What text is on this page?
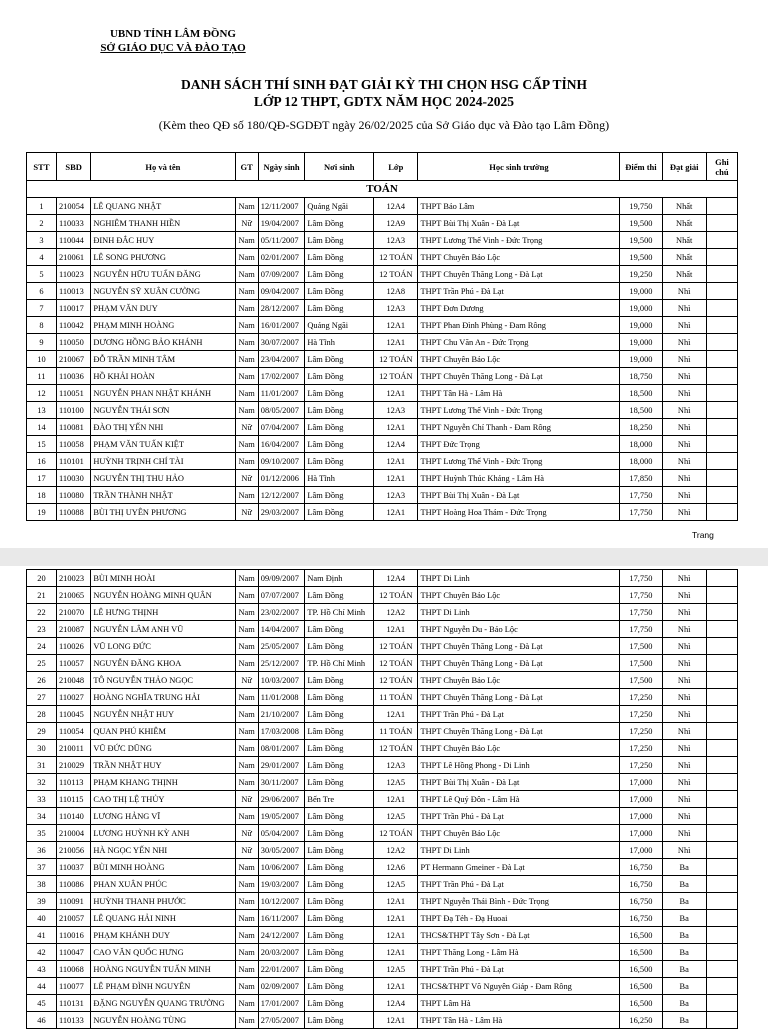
UBND TỈNH LÂM ĐỒNG
SỞ GIÁO DỤC VÀ ĐÀO TẠO
DANH SÁCH THÍ SINH ĐẠT GIẢI KỲ THI CHỌN HSG CẤP TỈNH
LỚP 12 THPT, GDTX NĂM HỌC 2024-2025
(Kèm theo QĐ số 180/QĐ-SGDĐT ngày 26/02/2025 của Sở Giáo dục và Đào tạo Lâm Đồng)
STT	SBD	Họ và tên	GT	Ngày sinh	Nơi sinh	Lớp	Học sinh trường	Điểm thi	Đạt giải	Ghi chú
TOÁN										
1	210054	LÊ QUANG NHẬT	Nam	12/11/2007	Quảng Ngãi	12A4	THPT Bảo Lâm	19,750	Nhất	
2	110033	NGHIÊM THANH HIỀN	Nữ	19/04/2007	Lâm Đồng	12A9	THPT Bùi Thị Xuân - Đà Lạt	19,500	Nhất	
3	110044	ĐINH ĐẮC HUY	Nam	05/11/2007	Lâm Đồng	12A3	THPT Lương Thế Vinh - Đức Trọng	19,500	Nhất	
4	210061	LÊ SONG PHƯƠNG	Nam	02/01/2007	Lâm Đồng	12 TOÁN	THPT Chuyên Bảo Lộc	19,500	Nhất	
5	110023	NGUYỄN HỮU TUẤN ĐĂNG	Nam	07/09/2007	Lâm Đồng	12 TOÁN	THPT Chuyên Thăng Long - Đà Lạt	19,250	Nhất	
6	110013	NGUYỄN SỸ XUÂN CƯỜNG	Nam	09/04/2007	Lâm Đồng	12A8	THPT Trần Phú - Đà Lạt	19,000	Nhì	
7	110017	PHẠM VĂN DUY	Nam	28/12/2007	Lâm Đồng	12A3	THPT Đơn Dương	19,000	Nhì	
8	110042	PHẠM MINH HOÀNG	Nam	16/01/2007	Quảng Ngãi	12A1	THPT Phan Đình Phùng - Đam Rông	19,000	Nhì	
9	110050	DƯƠNG HỒNG BẢO KHÁNH	Nam	30/07/2007	Hà Tĩnh	12A1	THPT Chu Văn An - Đức Trọng	19,000	Nhì	
10	210067	ĐỖ TRẦN MINH TÂM	Nam	23/04/2007	Lâm Đồng	12 TOÁN	THPT Chuyên Bảo Lộc	19,000	Nhì	
11	110036	HỒ KHẢI HOÀN	Nam	17/02/2007	Lâm Đồng	12 TOÁN	THPT Chuyên Thăng Long - Đà Lạt	18,750	Nhì	
12	110051	NGUYỄN PHAN NHẬT KHÁNH	Nam	11/01/2007	Lâm Đồng	12A1	THPT Tân Hà - Lâm Hà	18,500	Nhì	
13	110100	NGUYỄN THÁI SƠN	Nam	08/05/2007	Lâm Đồng	12A3	THPT Lương Thế Vinh - Đức Trọng	18,500	Nhì	
14	110081	ĐÀO THỊ YẾN NHI	Nữ	07/04/2007	Lâm Đồng	12A1	THPT Nguyễn Chí Thanh - Đam Rông	18,250	Nhì	
15	110058	PHẠM VĂN TUẤN KIỆT	Nam	16/04/2007	Lâm Đồng	12A4	THPT Đức Trọng	18,000	Nhì	
16	110101	HUỲNH TRỊNH CHÍ TÀI	Nam	09/10/2007	Lâm Đồng	12A1	THPT Lương Thế Vinh - Đức Trọng	18,000	Nhì	
17	110030	NGUYỄN THỊ THU HẢO	Nữ	01/12/2006	Hà Tĩnh	12A1	THPT Huỳnh Thúc Kháng - Lâm Hà	17,850	Nhì	
18	110080	TRẦN THÀNH NHẬT	Nam	12/12/2007	Lâm Đồng	12A3	THPT Bùi Thị Xuân - Đà Lạt	17,750	Nhì	
19	110088	BÙI THỊ UYÊN PHƯƠNG	Nữ	29/03/2007	Lâm Đồng	12A1	THPT Hoàng Hoa Thám - Đức Trọng	17,750	Nhì	
Trang
20	210023	BÙI MINH HOÀI	Nam	09/09/2007	Nam Định	12A4	THPT Di Linh	17,750	Nhì	
21	210065	NGUYỄN HOÀNG MINH QUÂN	Nam	07/07/2007	Lâm Đồng	12 TOÁN	THPT Chuyên Bảo Lộc	17,750	Nhì	
22	210070	LÊ HƯNG THỊNH	Nam	23/02/2007	TP. Hồ Chí Minh	12A2	THPT Di Linh	17,750	Nhì	
23	210087	NGUYỄN LÂM ANH VŨ	Nam	14/04/2007	Lâm Đồng	12A1	THPT Nguyễn Du - Bảo Lộc	17,750	Nhì	
24	110026	VŨ LONG ĐỨC	Nam	25/05/2007	Lâm Đồng	12 TOÁN	THPT Chuyên Thăng Long - Đà Lạt	17,500	Nhì	
25	110057	NGUYỄN ĐĂNG KHOA	Nam	25/12/2007	TP. Hồ Chí Minh	12 TOÁN	THPT Chuyên Thăng Long - Đà Lạt	17,500	Nhì	
26	210048	TÔ NGUYỄN THẢO NGỌC	Nữ	10/03/2007	Lâm Đồng	12 TOÁN	THPT Chuyên Bảo Lộc	17,500	Nhì	
27	110027	HOÀNG NGHĨA TRUNG HẢI	Nam	11/01/2008	Lâm Đồng	11 TOÁN	THPT Chuyên Thăng Long - Đà Lạt	17,250	Nhì	
28	110045	NGUYỄN NHẬT HUY	Nam	21/10/2007	Lâm Đồng	12A1	THPT Trần Phú - Đà Lạt	17,250	Nhì	
29	110054	QUAN PHÚ KHIÊM	Nam	17/03/2008	Lâm Đồng	11 TOÁN	THPT Chuyên Thăng Long - Đà Lạt	17,250	Nhì	
30	210011	VŨ ĐỨC DŨNG	Nam	08/01/2007	Lâm Đồng	12 TOÁN	THPT Chuyên Bảo Lộc	17,250	Nhì	
31	210029	TRẦN NHẬT HUY	Nam	29/01/2007	Lâm Đồng	12A3	THPT Lê Hồng Phong - Di Linh	17,250	Nhì	
32	110113	PHẠM KHANG THỊNH	Nam	30/11/2007	Lâm Đồng	12A5	THPT Bùi Thị Xuân - Đà Lạt	17,000	Nhì	
33	110115	CAO THỊ LỆ THỦY	Nữ	29/06/2007	Bến Tre	12A1	THPT Lê Quý Đôn - Lâm Hà	17,000	Nhì	
34	110140	LƯƠNG HẢNG VĨ	Nam	19/05/2007	Lâm Đồng	12A5	THPT Trần Phú - Đà Lạt	17,000	Nhì	
35	210004	LƯƠNG HUỲNH KỲ ANH	Nữ	05/04/2007	Lâm Đồng	12 TOÁN	THPT Chuyên Bảo Lộc	17,000	Nhì	
36	210056	HÀ NGỌC YẾN NHI	Nữ	30/05/2007	Lâm Đồng	12A2	THPT Di Linh	17,000	Nhì	
37	110037	BÙI MINH HOÀNG	Nam	10/06/2007	Lâm Đồng	12A6	PT Hermann Gmeiner - Đà Lạt	16,750	Ba	
38	110086	PHAN XUÂN PHÚC	Nam	19/03/2007	Lâm Đồng	12A5	THPT Trần Phú - Đà Lạt	16,750	Ba	
39	110091	HUỲNH THANH PHƯỚC	Nam	10/12/2007	Lâm Đồng	12A1	THPT Nguyễn Thái Bình - Đức Trọng	16,750	Ba	
40	210057	LÊ QUANG HẢI NINH	Nam	16/11/2007	Lâm Đồng	12A1	THPT Đạ Tẻh - Đạ Huoai	16,750	Ba	
41	110016	PHẠM KHÁNH DUY	Nam	24/12/2007	Lâm Đồng	12A1	THCS&THPT Tây Sơn - Đà Lạt	16,500	Ba	
42	110047	CAO VĂN QUỐC HƯNG	Nam	20/03/2007	Lâm Đồng	12A1	THPT Thăng Long - Lâm Hà	16,500	Ba	
43	110068	HOÀNG NGUYỄN TUẤN MINH	Nam	22/01/2007	Lâm Đồng	12A5	THPT Trần Phú - Đà Lạt	16,500	Ba	
44	110077	LÊ PHẠM ĐÌNH NGUYÊN	Nam	02/09/2007	Lâm Đồng	12A1	THCS&THPT Võ Nguyên Giáp - Đam Rông	16,500	Ba	
45	110131	ĐẶNG NGUYỄN QUANG TRƯỜNG	Nam	17/01/2007	Lâm Đồng	12A4	THPT Lâm Hà	16,500	Ba	
46	110133	NGUYỄN HOÀNG TÙNG	Nam	27/05/2007	Lâm Đồng	12A1	THPT Tân Hà - Lâm Hà	16,250	Ba	
